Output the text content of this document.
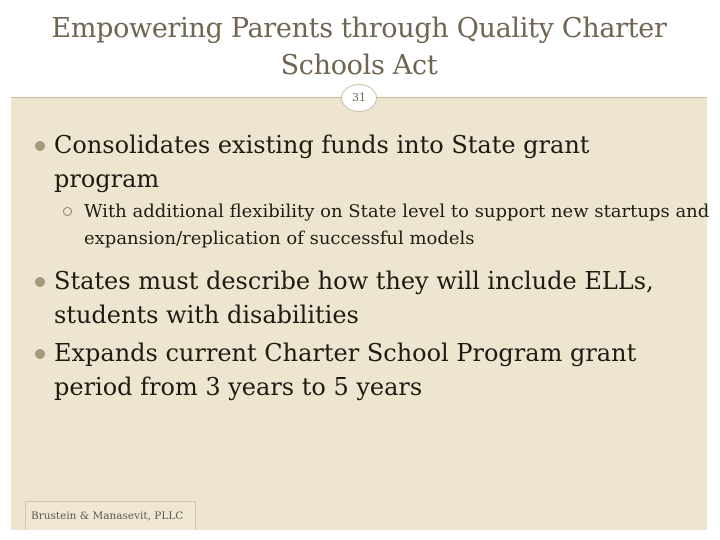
Empowering Parents through Quality Charter Schools Act
Consolidates existing funds into State grant program
With additional flexibility on State level to support new startups and expansion/replication of successful models
States must describe how they will include ELLs, students with disabilities
Expands current Charter School Program grant period from 3 years to 5 years
31
Brustein & Manasevit, PLLC
